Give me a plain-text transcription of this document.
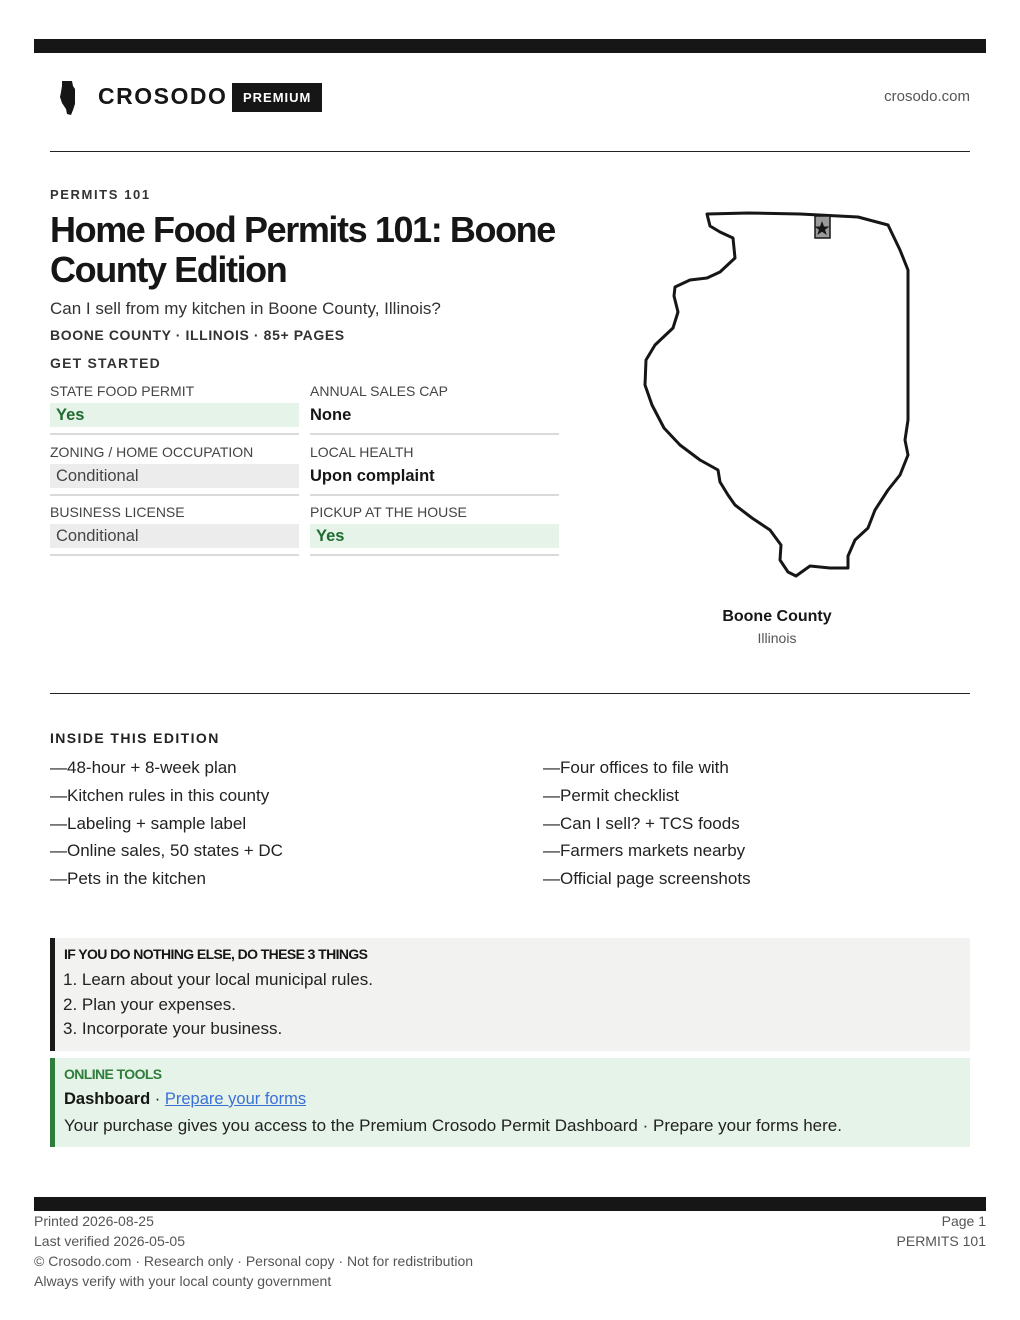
CROSODO	PREMIUM	crosodo.com
PERMITS 101
Home Food Permits 101: Boone County Edition
Can I sell from my kitchen in Boone County, Illinois?
BOONE COUNTY · ILLINOIS · 85+ PAGES
GET STARTED
STATE FOOD PERMIT
Yes
ANNUAL SALES CAP
None
ZONING / HOME OCCUPATION
Conditional
LOCAL HEALTH
Upon complaint
BUSINESS LICENSE
Conditional
PICKUP AT THE HOUSE
Yes
Boone County
Illinois
INSIDE THIS EDITION
—48-hour + 8-week plan
—Kitchen rules in this county
—Labeling + sample label
—Online sales, 50 states + DC
—Pets in the kitchen
—Four offices to file with
—Permit checklist
—Can I sell? + TCS foods
—Farmers markets nearby
—Official page screenshots
IF YOU DO NOTHING ELSE, DO THESE 3 THINGS
1. Learn about your local municipal rules.
2. Plan your expenses.
3. Incorporate your business.
ONLINE TOOLS
Dashboard · Prepare your forms
Your purchase gives you access to the Premium Crosodo Permit Dashboard · Prepare your forms here.
Printed 2026-08-25
Last verified 2026-05-05
© Crosodo.com · Research only · Personal copy · Not for redistribution
Always verify with your local county government
Page 1
PERMITS 101
